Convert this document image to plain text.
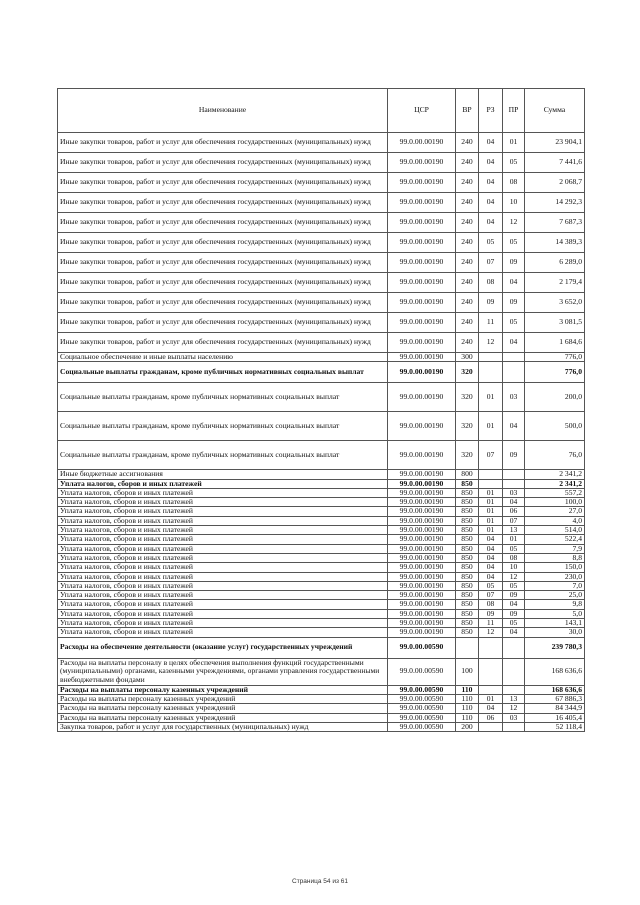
Наименование	ЦСР	ВР	РЗ	ПР	Сумма
Иные закупки товаров, работ и услуг для обеспечения государственных (муниципальных) нужд	99.0.00.00190	240	04	01	23 904,1
Иные закупки товаров, работ и услуг для обеспечения государственных (муниципальных) нужд	99.0.00.00190	240	04	05	7 441,6
Иные закупки товаров, работ и услуг для обеспечения государственных (муниципальных) нужд	99.0.00.00190	240	04	08	2 068,7
Иные закупки товаров, работ и услуг для обеспечения государственных (муниципальных) нужд	99.0.00.00190	240	04	10	14 292,3
Иные закупки товаров, работ и услуг для обеспечения государственных (муниципальных) нужд	99.0.00.00190	240	04	12	7 687,3
Иные закупки товаров, работ и услуг для обеспечения государственных (муниципальных) нужд	99.0.00.00190	240	05	05	14 389,3
Иные закупки товаров, работ и услуг для обеспечения государственных (муниципальных) нужд	99.0.00.00190	240	07	09	6 289,0
Иные закупки товаров, работ и услуг для обеспечения государственных (муниципальных) нужд	99.0.00.00190	240	08	04	2 179,4
Иные закупки товаров, работ и услуг для обеспечения государственных (муниципальных) нужд	99.0.00.00190	240	09	09	3 652,0
Иные закупки товаров, работ и услуг для обеспечения государственных (муниципальных) нужд	99.0.00.00190	240	11	05	3 081,5
Иные закупки товаров, работ и услуг для обеспечения государственных (муниципальных) нужд	99.0.00.00190	240	12	04	1 684,6
Социальное обеспечение и иные выплаты населению	99.0.00.00190	300			776,0
Социальные выплаты гражданам, кроме публичных нормативных социальных выплат	99.0.00.00190	320			776,0
Социальные выплаты гражданам, кроме публичных нормативных социальных выплат	99.0.00.00190	320	01	03	200,0
Социальные выплаты гражданам, кроме публичных нормативных социальных выплат	99.0.00.00190	320	01	04	500,0
Социальные выплаты гражданам, кроме публичных нормативных социальных выплат	99.0.00.00190	320	07	09	76,0
Иные бюджетные ассигнования	99.0.00.00190	800			2 341,2
Уплата налогов, сборов и иных платежей	99.0.00.00190	850			2 341,2
Уплата налогов, сборов и иных платежей	99.0.00.00190	850	01	03	557,2
Уплата налогов, сборов и иных платежей	99.0.00.00190	850	01	04	100,0
Уплата налогов, сборов и иных платежей	99.0.00.00190	850	01	06	27,0
Уплата налогов, сборов и иных платежей	99.0.00.00190	850	01	07	4,0
Уплата налогов, сборов и иных платежей	99.0.00.00190	850	01	13	514,0
Уплата налогов, сборов и иных платежей	99.0.00.00190	850	04	01	522,4
Уплата налогов, сборов и иных платежей	99.0.00.00190	850	04	05	7,9
Уплата налогов, сборов и иных платежей	99.0.00.00190	850	04	08	8,8
Уплата налогов, сборов и иных платежей	99.0.00.00190	850	04	10	150,0
Уплата налогов, сборов и иных платежей	99.0.00.00190	850	04	12	230,0
Уплата налогов, сборов и иных платежей	99.0.00.00190	850	05	05	7,0
Уплата налогов, сборов и иных платежей	99.0.00.00190	850	07	09	25,0
Уплата налогов, сборов и иных платежей	99.0.00.00190	850	08	04	9,8
Уплата налогов, сборов и иных платежей	99.0.00.00190	850	09	09	5,0
Уплата налогов, сборов и иных платежей	99.0.00.00190	850	11	05	143,1
Уплата налогов, сборов и иных платежей	99.0.00.00190	850	12	04	30,0
Расходы на обеспечение деятельности (оказание услуг) государственных учреждений	99.0.00.00590				239 780,3
Расходы на выплаты персоналу в целях обеспечения выполнения функций государственными (муниципальными) органами, казенными учреждениями, органами управления государственными внебюджетными фондами	99.0.00.00590	100			168 636,6
Расходы на выплаты персоналу казенных учреждений	99.0.00.00590	110			168 636,6
Расходы на выплаты персоналу казенных учреждений	99.0.00.00590	110	01	13	67 886,3
Расходы на выплаты персоналу казенных учреждений	99.0.00.00590	110	04	12	84 344,9
Расходы на выплаты персоналу казенных учреждений	99.0.00.00590	110	06	03	16 405,4
Закупка товаров, работ и услуг для государственных (муниципальных) нужд	99.0.00.00590	200			52 118,4
Страница 54 из 61
